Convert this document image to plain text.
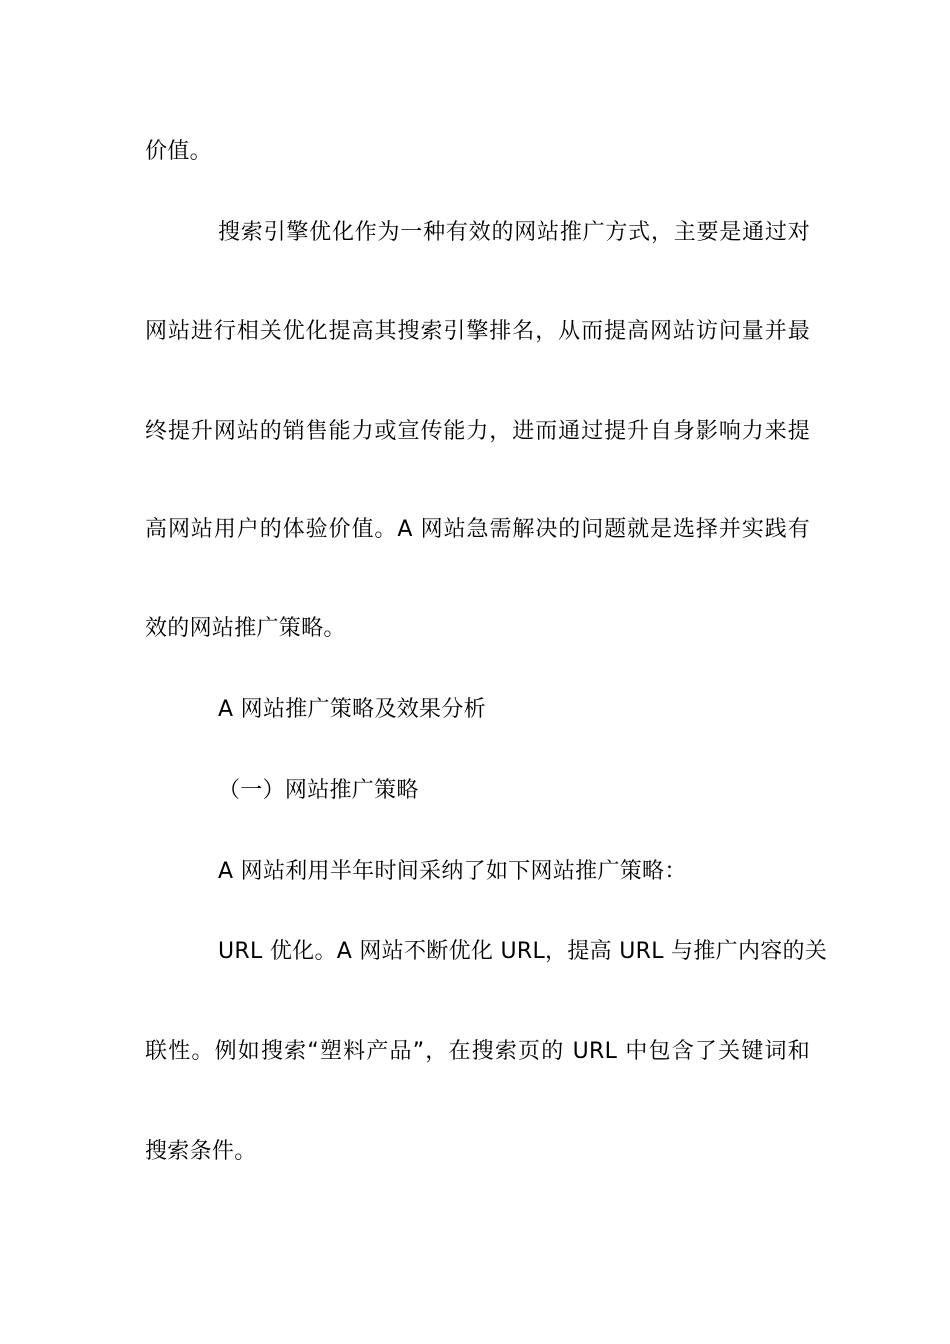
价值。
搜索引擎优化作为一种有效的网站推广方式，主要是通过对
网站进行相关优化提高其搜索引擎排名，从而提高网站访问量并最
终提升网站的销售能力或宣传能力，进而通过提升自身影响力来提
高网站用户的体验价值。A 网站急需解决的问题就是选择并实践有
效的网站推广策略。
A 网站推广策略及效果分析
（一）网站推广策略
A 网站利用半年时间采纳了如下网站推广策略：
URL 优化。A 网站不断优化 URL，提高 URL 与推广内容的关
联性。例如搜索“塑料产品”，在搜索页的 URL 中包含了关键词和
搜索条件。
